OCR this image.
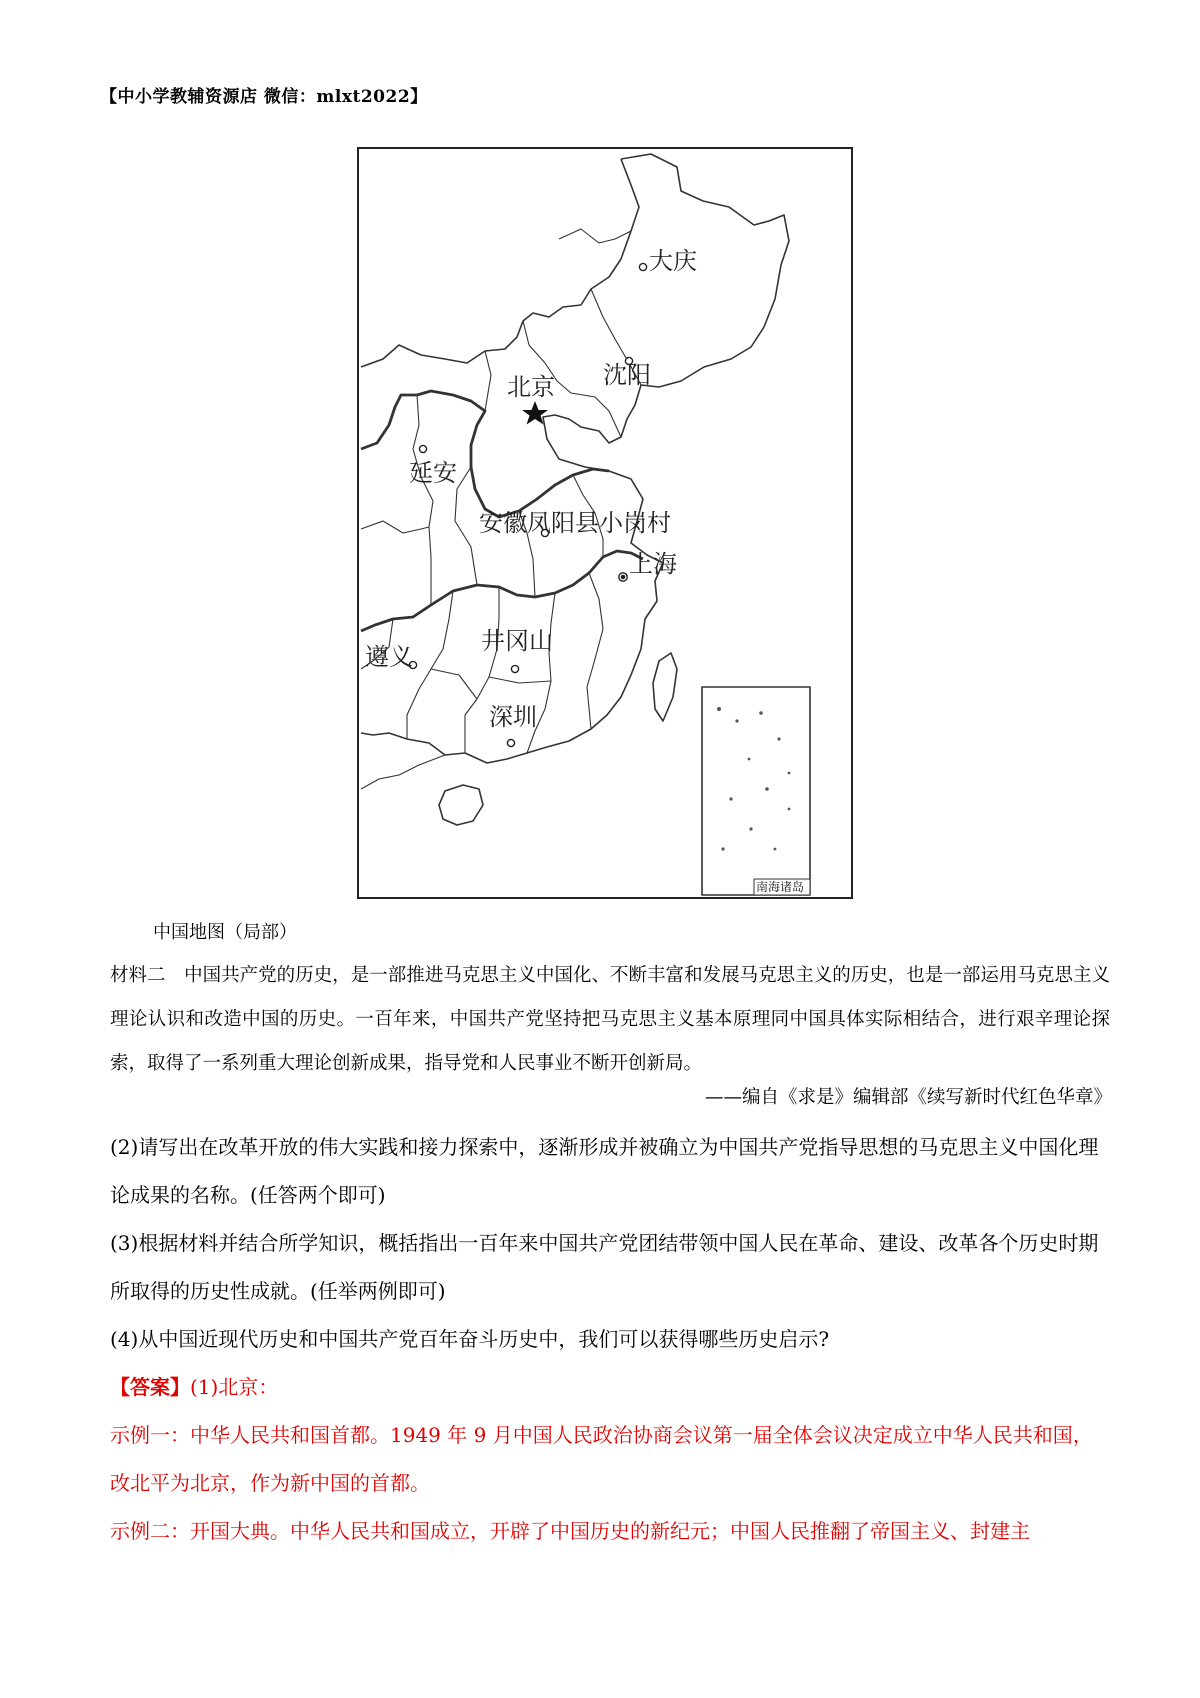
【中小学教辅资源店 微信：mlxt2022】
大庆
沈阳
北京
延安
安徽凤阳县小岗村
上海
遵义
井冈山
深圳
南海诸岛
中国地图（局部）
材料二　中国共产党的历史，是一部推进马克思主义中国化、不断丰富和发展马克思主义的历史，也是一部运用马克思主义理论认识和改造中国的历史。一百年来，中国共产党坚持把马克思主义基本原理同中国具体实际相结合，进行艰辛理论探索，取得了一系列重大理论创新成果，指导党和人民事业不断开创新局。
——编自《求是》编辑部《续写新时代红色华章》
(2)请写出在改革开放的伟大实践和接力探索中，逐渐形成并被确立为中国共产党指导思想的马克思主义中国化理论成果的名称。(任答两个即可)
(3)根据材料并结合所学知识，概括指出一百年来中国共产党团结带领中国人民在革命、建设、改革各个历史时期所取得的历史性成就。(任举两例即可)
(4)从中国近现代历史和中国共产党百年奋斗历史中，我们可以获得哪些历史启示?
【答案】(1)北京：
示例一：中华人民共和国首都。1949 年 9 月中国人民政治协商会议第一届全体会议决定成立中华人民共和国，改北平为北京，作为新中国的首都。
示例二：开国大典。中华人民共和国成立，开辟了中国历史的新纪元；中国人民推翻了帝国主义、封建主
